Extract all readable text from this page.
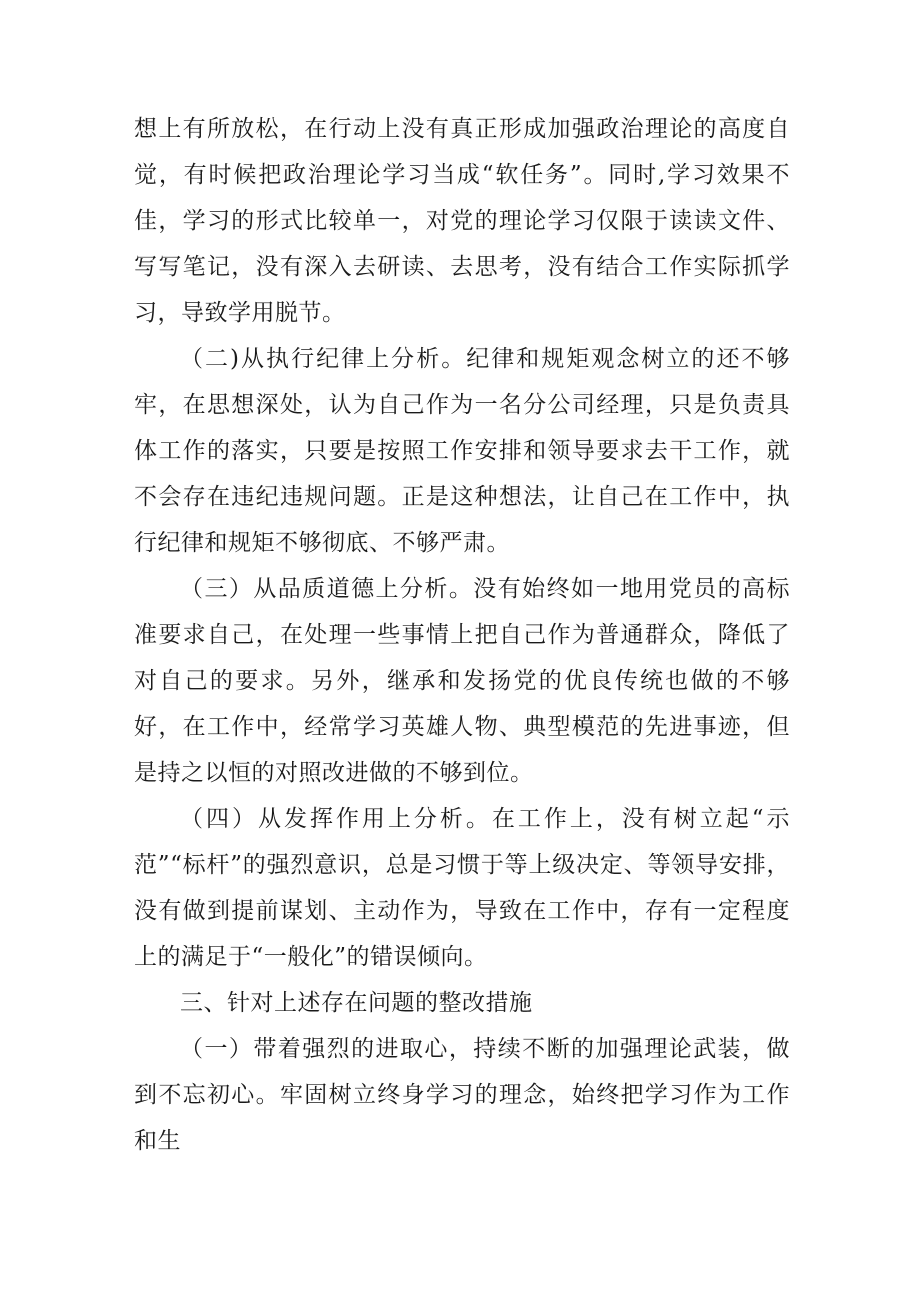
想上有所放松，在行动上没有真正形成加强政治理论的高度自觉，有时候把政治理论学习当成“软任务”。同时,学习效果不佳，学习的形式比较单一，对党的理论学习仅限于读读文件、写写笔记，没有深入去研读、去思考，没有结合工作实际抓学习，导致学用脱节。

（二)从执行纪律上分析。纪律和规矩观念树立的还不够牢，在思想深处，认为自己作为一名分公司经理，只是负责具体工作的落实，只要是按照工作安排和领导要求去干工作，就不会存在违纪违规问题。正是这种想法，让自己在工作中，执行纪律和规矩不够彻底、不够严肃。

（三）从品质道德上分析。没有始终如一地用党员的高标准要求自己，在处理一些事情上把自己作为普通群众，降低了对自己的要求。另外，继承和发扬党的优良传统也做的不够好，在工作中，经常学习英雄人物、典型模范的先进事迹，但是持之以恒的对照改进做的不够到位。

（四）从发挥作用上分析。在工作上，没有树立起“示范”“标杆”的强烈意识，总是习惯于等上级决定、等领导安排，没有做到提前谋划、主动作为，导致在工作中，存有一定程度上的满足于“一般化”的错误倾向。

三、针对上述存在问题的整改措施

（一）带着强烈的进取心，持续不断的加强理论武装，做到不忘初心。牢固树立终身学习的理念，始终把学习作为工作和生
